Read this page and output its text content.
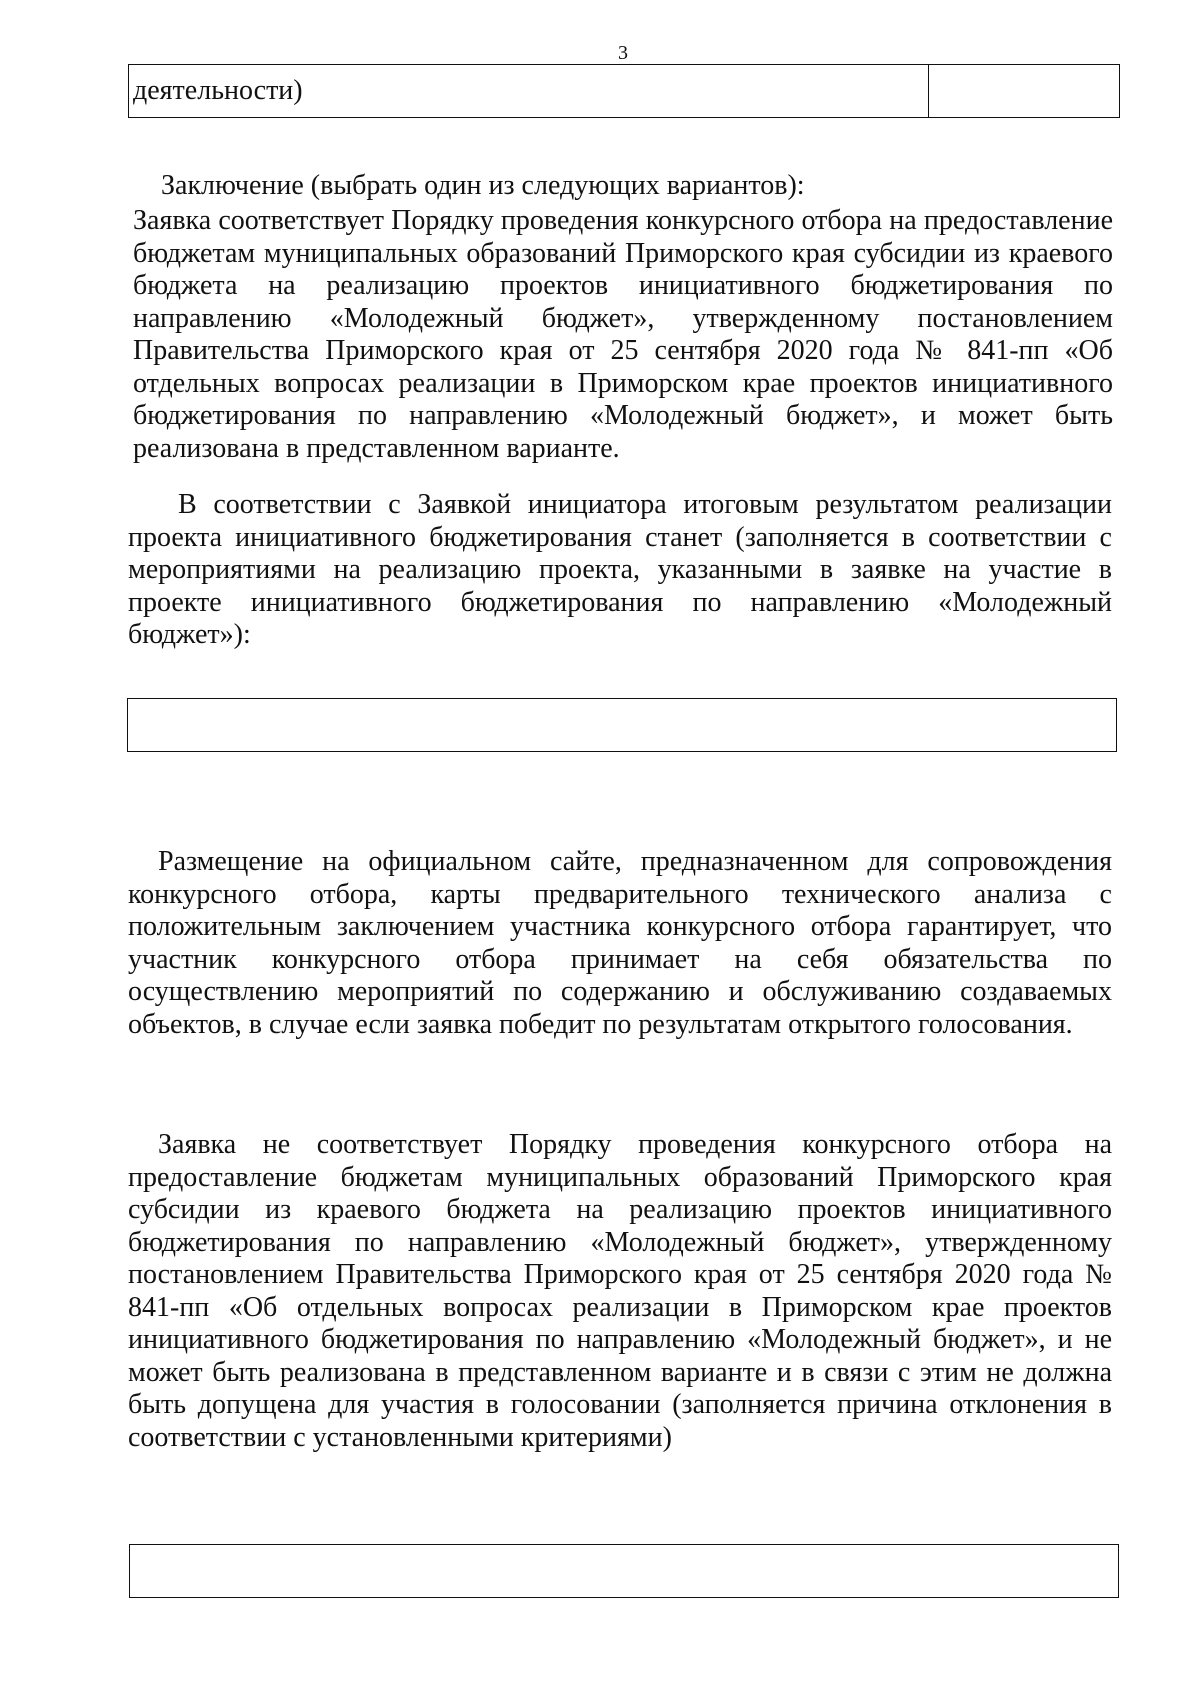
3
деятельности)
Заключение (выбрать один из следующих вариантов):
Заявка соответствует Порядку проведения конкурсного отбора на предоставление бюджетам муниципальных образований Приморского края субсидии из краевого бюджета на реализацию проектов инициативного бюджетирования по направлению «Молодежный бюджет», утвержденному постановлением Правительства Приморского края от 25 сентября 2020 года № 841-пп «Об отдельных вопросах реализации в Приморском крае проектов инициативного бюджетирования по направлению «Молодежный бюджет», и может быть реализована в представленном варианте.
В соответствии с Заявкой инициатора итоговым результатом реализации проекта инициативного бюджетирования станет (заполняется в соответствии с мероприятиями на реализацию проекта, указанными в заявке на участие в проекте инициативного бюджетирования по направлению «Молодежный бюджет»):
Размещение на официальном сайте, предназначенном для сопровождения конкурсного отбора, карты предварительного технического анализа с положительным заключением участника конкурсного отбора гарантирует, что участник конкурсного отбора принимает на себя обязательства по осуществлению мероприятий по содержанию и обслуживанию создаваемых объектов, в случае если заявка победит по результатам открытого голосования.
Заявка не соответствует Порядку проведения конкурсного отбора на предоставление бюджетам муниципальных образований Приморского края субсидии из краевого бюджета на реализацию проектов инициативного бюджетирования по направлению «Молодежный бюджет», утвержденному постановлением Правительства Приморского края от 25 сентября 2020 года № 841-пп «Об отдельных вопросах реализации в Приморском крае проектов инициативного бюджетирования по направлению «Молодежный бюджет», и не может быть реализована в представленном варианте и в связи с этим не должна быть допущена для участия в голосовании (заполняется причина отклонения в соответствии с установленными критериями)
